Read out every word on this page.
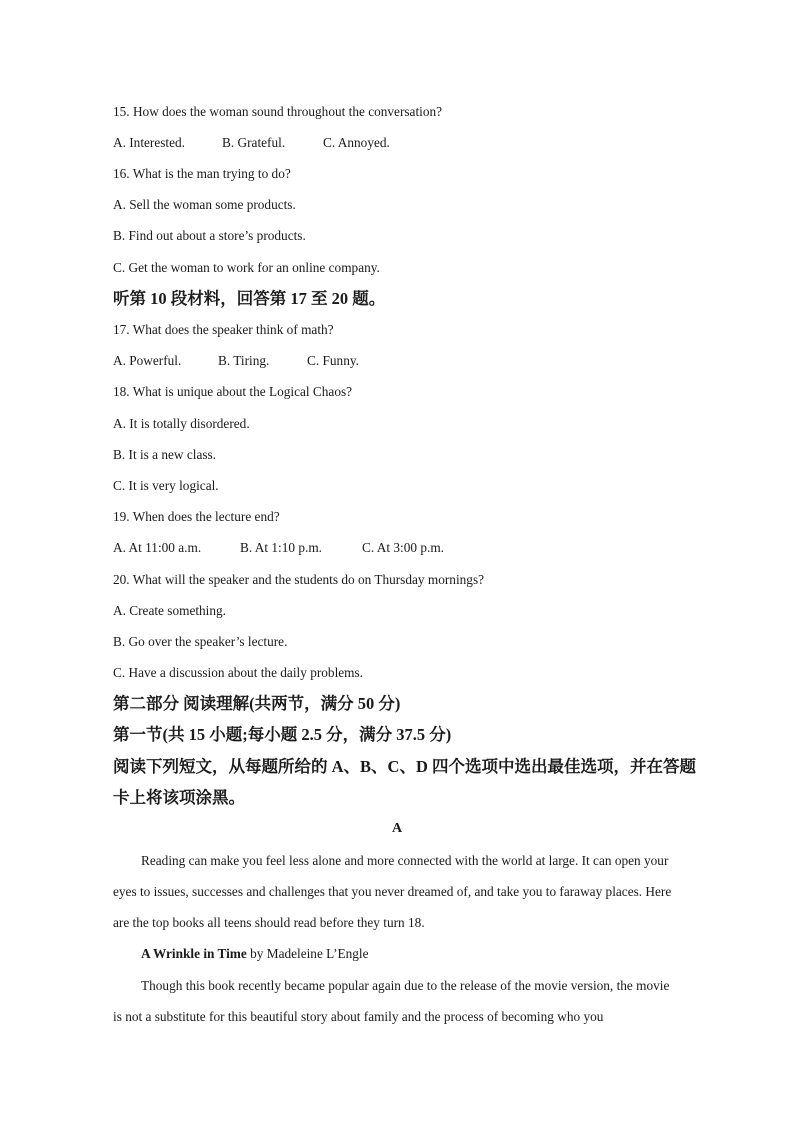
15. How does the woman sound throughout the conversation?
A. Interested.	B. Grateful.	C. Annoyed.
16. What is the man trying to do?
A. Sell the woman some products.
B. Find out about a store’s products.
C. Get the woman to work for an online company.
听第 10 段材料，回答第 17 至 20 题。
17. What does the speaker think of math?
A. Powerful.	B. Tiring.	C. Funny.
18. What is unique about the Logical Chaos?
A. It is totally disordered.
B. It is a new class.
C. It is very logical.
19. When does the lecture end?
A. At 11:00 a.m.	B. At 1:10 p.m.	C. At 3:00 p.m.
20. What will the speaker and the students do on Thursday mornings?
A. Create something.
B. Go over the speaker’s lecture.
C. Have a discussion about the daily problems.
第二部分 阅读理解(共两节，满分 50 分)
第一节(共 15 小题;每小题 2.5 分，满分 37.5 分)
阅读下列短文，从每题所给的 A、B、C、D 四个选项中选出最佳选项，并在答题
卡上将该项涂黑。
A
Reading can make you feel less alone and more connected with the world at large. It can open your eyes to issues, successes and challenges that you never dreamed of, and take you to faraway places. Here are the top books all teens should read before they turn 18.
A Wrinkle in Time by Madeleine L’Engle
Though this book recently became popular again due to the release of the movie version, the movie is not a substitute for this beautiful story about family and the process of becoming who you
